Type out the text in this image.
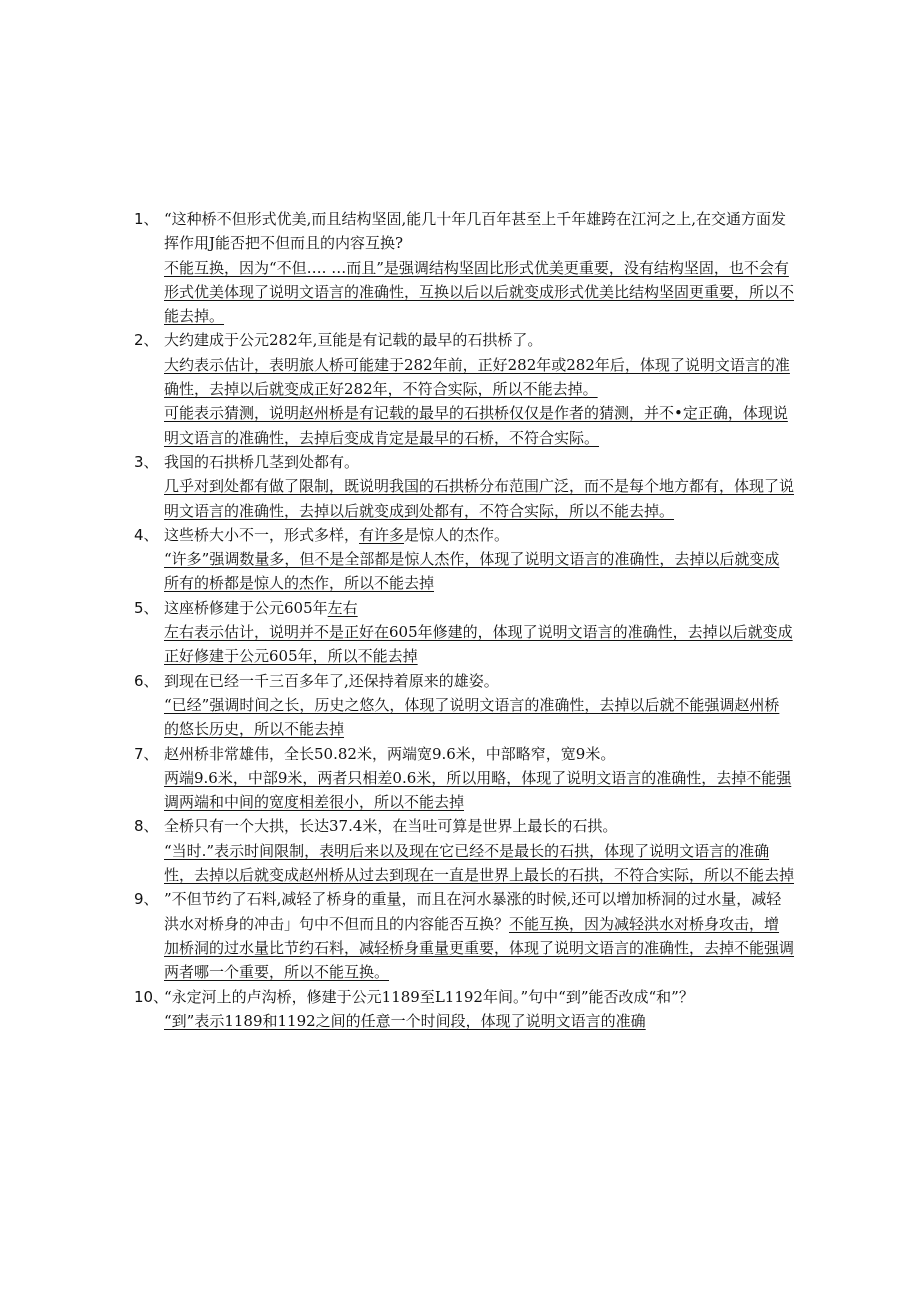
1、 “这种桥不但形式优美,而且结构坚固,能几十年几百年甚至上千年雄跨在江河之上,在交通方面发挥作用J能否把不但而且的内容互换?

不能互换，因为“不但…. …而且”是强调结构坚固比形式优美更重要，没有结构坚固，也不会有形式优美体现了说明文语言的准确性，互换以后以后就变成形式优美比结构坚固更重要，所以不能去掉。

2、 大约建成于公元282年,亘能是有记载的最早的石拱桥了。

大约表示估计，表明旅人桥可能建于282年前，正好282年或282年后，体现了说明文语言的准确性，去掉以后就变成正好282年，不符合实际，所以不能去掉。

可能表示猜测，说明赵州桥是有记载的最早的石拱桥仅仅是作者的猜测，并不•定正确，体现说明文语言的准确性，去掉后变成肯定是最早的石桥，不符合实际。

3、 我国的石拱桥几茎到处都有。

几乎对到处都有做了限制，既说明我国的石拱桥分布范围广泛，而不是每个地方都有，体现了说明文语言的准确性，去掉以后就变成到处都有，不符合实际，所以不能去掉。

4、 这些桥大小不一，形式多样，有许多是惊人的杰作。

“许多”强调数量多，但不是全部都是惊人杰作，体现了说明文语言的准确性，去掉以后就变成所有的桥都是惊人的杰作，所以不能去掉

5、 这座桥修建于公元605年左右

左右表示估计，说明并不是正好在605年修建的，体现了说明文语言的准确性，去掉以后就变成正好修建于公元605年，所以不能去掉

6、 到现在已经一千三百多年了,还保持着原来的雄姿。

“已经”强调时间之长，历史之悠久，体现了说明文语言的准确性，去掉以后就不能强调赵州桥的悠长历史，所以不能去掉

7、 赵州桥非常雄伟，全长50.82米，两端宽9.6米，中部略窄，宽9米。

两端9.6米，中部9米，两者只相差0.6米，所以用略，体现了说明文语言的准确性，去掉不能强调两端和中间的宽度相差很小，所以不能去掉

8、 全桥只有一个大拱，长达37.4米，在当吐可算是世界上最长的石拱。

“当时.”表示时间限制，表明后来以及现在它已经不是最长的石拱，体现了说明文语言的准确性，去掉以后就变成赵州桥从过去到现在一直是世界上最长的石拱，不符合实际，所以不能去掉

9、 ”不但节约了石料,减轻了桥身的重量，而且在河水暴涨的时候,还可以增加桥洞的过水量，减轻洪水对桥身的冲击」句中不但而且的内容能否互换？不能互换，因为减轻洪水对桥身攻击，增加桥洞的过水量比节约石料，减轻桥身重量更重要，体现了说明文语言的准确性，去掉不能强调两者哪一个重要，所以不能互换。

10、

“永定河上的卢沟桥，修建于公元1189至L1192年间。”句中“到”能否改成“和”？

“到”表示1189和1192之间的任意一个时间段，体现了说明文语言的准确
